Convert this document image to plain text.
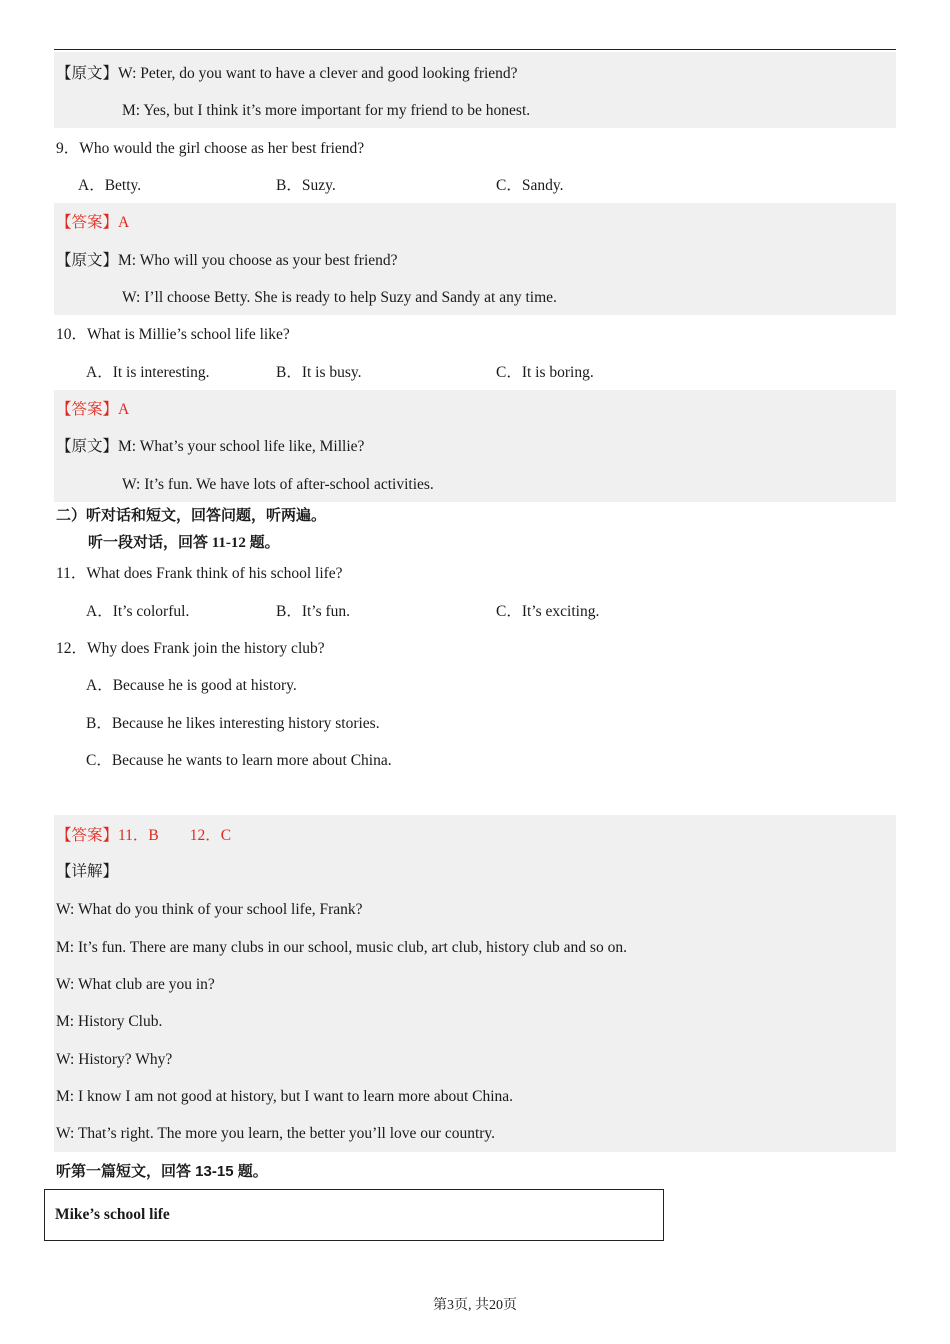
【原文】W: Peter, do you want to have a clever and good looking friend?
M: Yes, but I think it’s more important for my friend to be honest.
9．Who would the girl choose as her best friend?
A．Betty.	B．Suzy.	C．Sandy.
【答案】A
【原文】M: Who will you choose as your best friend?
W: I’ll choose Betty. She is ready to help Suzy and Sandy at any time.
10．What is Millie’s school life like?
A．It is interesting.	B．It is busy.	C．It is boring.
【答案】A
【原文】M: What’s your school life like, Millie?
W: It’s fun. We have lots of after-school activities.
二）听对话和短文，回答问题，听两遍。
听一段对话，回答 11-12 题。
11．What does Frank think of his school life?
A．It’s colorful.	B．It’s fun.	C．It’s exciting.
12．Why does Frank join the history club?
A．Because he is good at history.
B．Because he likes interesting history stories.
C．Because he wants to learn more about China.
【答案】11．B　　12．C
【详解】
W: What do you think of your school life, Frank?
M: It’s fun. There are many clubs in our school, music club, art club, history club and so on.
W: What club are you in?
M: History Club.
W: History? Why?
M: I know I am not good at history, but I want to learn more about China.
W: That’s right. The more you learn, the better you’ll love our country.
听第一篇短文，回答 13-15 题。
Mike’s school life
第3页, 共20页
